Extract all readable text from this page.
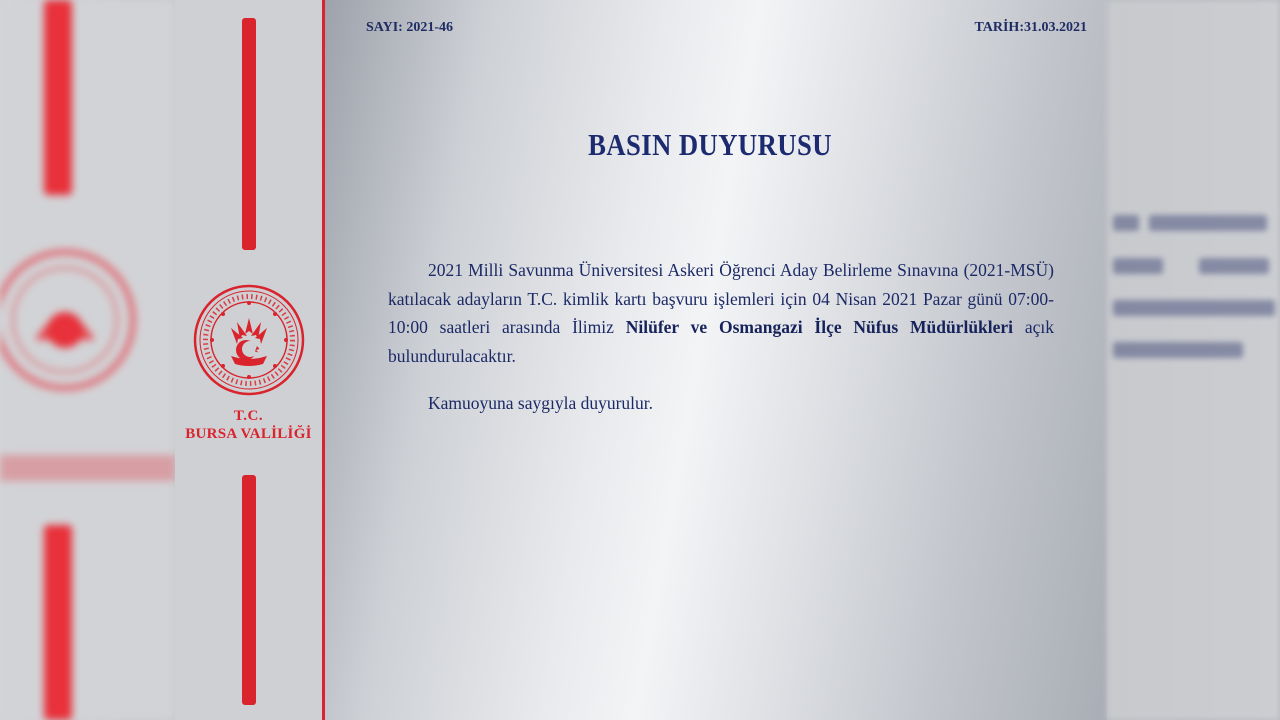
T.C.
BURSA VALİLİĞİ
SAYI: 2021-46	TARİH:31.03.2021
BASIN DUYURUSU

2021 Milli Savunma Üniversitesi Askeri Öğrenci Aday Belirleme Sınavına (2021-MSÜ) katılacak adayların T.C. kimlik kartı başvuru işlemleri için 04 Nisan 2021 Pazar günü 07:00-10:00 saatleri arasında İlimiz Nilüfer ve Osmangazi İlçe Nüfus Müdürlükleri açık bulundurulacaktır.

Kamuoyuna saygıyla duyurulur.
